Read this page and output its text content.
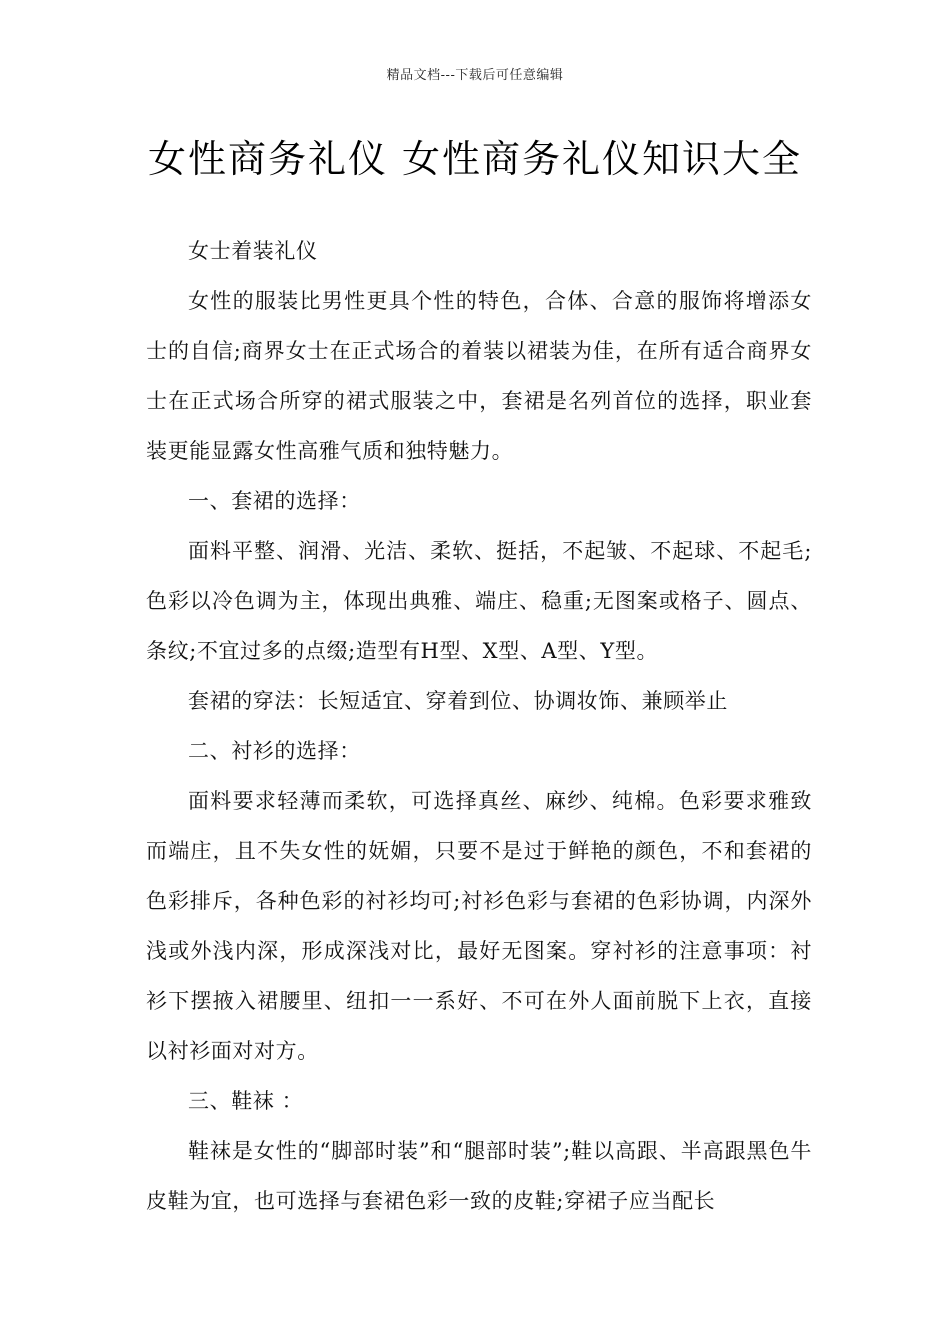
精品文档---下载后可任意编辑
女性商务礼仪 女性商务礼仪知识大全

女士着装礼仪

女性的服装比男性更具个性的特色，合体、合意的服饰将增添女士的自信;商界女士在正式场合的着装以裙装为佳，在所有适合商界女士在正式场合所穿的裙式服装之中，套裙是名列首位的选择，职业套装更能显露女性高雅气质和独特魅力。

一、套裙的选择：

面料平整、润滑、光洁、柔软、挺括，不起皱、不起球、不起毛;色彩以冷色调为主，体现出典雅、端庄、稳重;无图案或格子、圆点、条纹;不宜过多的点缀;造型有H型、X型、A型、Y型。

套裙的穿法：长短适宜、穿着到位、协调妆饰、兼顾举止

二、衬衫的选择：

面料要求轻薄而柔软，可选择真丝、麻纱、纯棉。色彩要求雅致而端庄，且不失女性的妩媚，只要不是过于鲜艳的颜色，不和套裙的色彩排斥，各种色彩的衬衫均可;衬衫色彩与套裙的色彩协调，内深外浅或外浅内深，形成深浅对比，最好无图案。穿衬衫的注意事项：衬衫下摆掖入裙腰里、纽扣一一系好、不可在外人面前脱下上衣，直接以衬衫面对对方。

三、鞋袜 ：

鞋袜是女性的“脚部时装”和“腿部时装”;鞋以高跟、半高跟黑色牛皮鞋为宜，也可选择与套裙色彩一致的皮鞋;穿裙子应当配长
